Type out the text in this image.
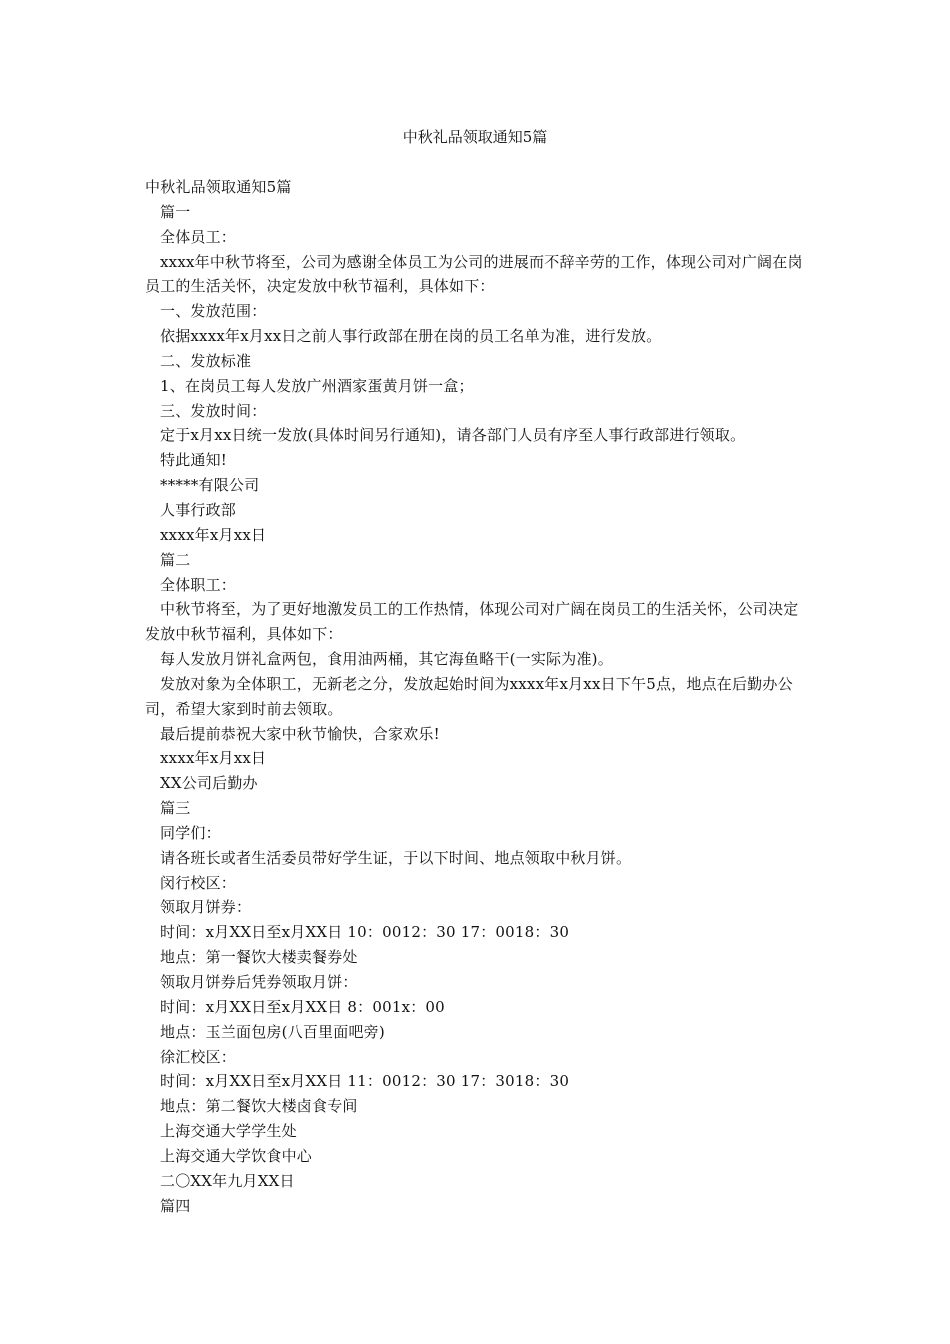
中秋礼品领取通知5篇

中秋礼品领取通知5篇

篇一

全体员工：

xxxx年中秋节将至，公司为感谢全体员工为公司的进展而不辞辛劳的工作，体现公司对广阔在岗员工的生活关怀，决定发放中秋节福利，具体如下：

一、发放范围：

依据xxxx年x月xx日之前人事行政部在册在岗的员工名单为准，进行发放。

二、发放标准

1、在岗员工每人发放广州酒家蛋黄月饼一盒；

三、发放时间：

定于x月xx日统一发放(具体时间另行通知)，请各部门人员有序至人事行政部进行领取。

特此通知!

*****有限公司

人事行政部

xxxx年x月xx日

篇二

全体职工：

中秋节将至，为了更好地激发员工的工作热情，体现公司对广阔在岗员工的生活关怀，公司决定发放中秋节福利，具体如下：

每人发放月饼礼盒两包，食用油两桶，其它海鱼略干(一实际为准)。

发放对象为全体职工，无新老之分，发放起始时间为xxxx年x月xx日下午5点，地点在后勤办公司，希望大家到时前去领取。

最后提前恭祝大家中秋节愉快，合家欢乐!

xxxx年x月xx日

XX公司后勤办

篇三

同学们：

请各班长或者生活委员带好学生证，于以下时间、地点领取中秋月饼。

闵行校区：

领取月饼券：

时间：x月XX日至x月XX日 10：0012：30 17：0018：30

地点：第一餐饮大楼卖餐券处

领取月饼券后凭券领取月饼：

时间：x月XX日至x月XX日 8：001x：00

地点：玉兰面包房(八百里面吧旁)

徐汇校区：

时间：x月XX日至x月XX日 11：0012：30 17：3018：30

地点：第二餐饮大楼卤食专间

上海交通大学学生处

上海交通大学饮食中心

二〇XX年九月XX日

篇四
